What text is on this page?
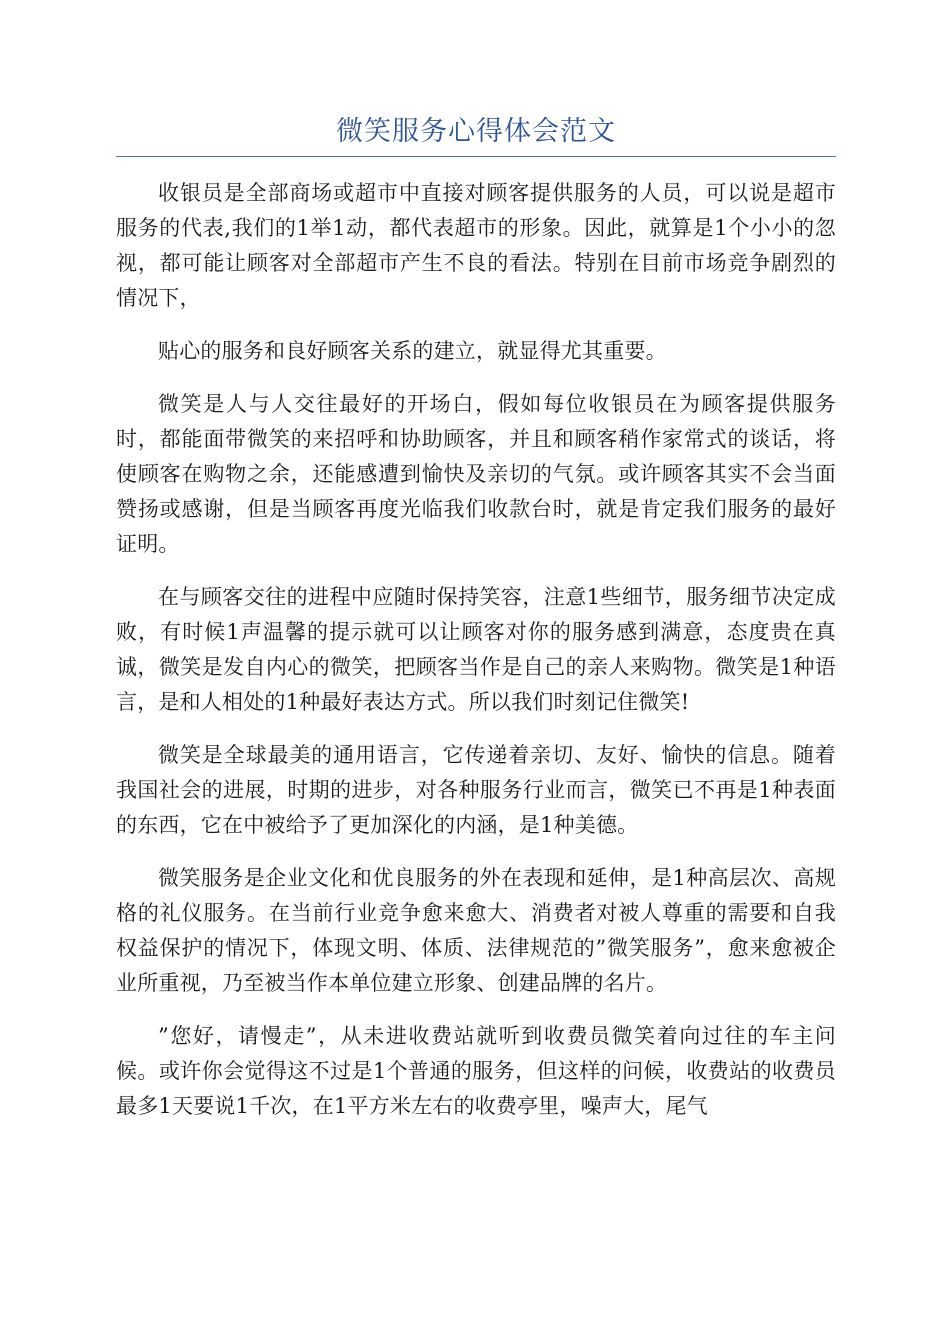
微笑服务心得体会范文

收银员是全部商场或超市中直接对顾客提供服务的人员，可以说是超市服务的代表,我们的1举1动，都代表超市的形象。因此，就算是1个小小的忽视，都可能让顾客对全部超市产生不良的看法。特别在目前市场竞争剧烈的情况下，

贴心的服务和良好顾客关系的建立，就显得尤其重要。

微笑是人与人交往最好的开场白，假如每位收银员在为顾客提供服务时，都能面带微笑的来招呼和协助顾客，并且和顾客稍作家常式的谈话，将使顾客在购物之余，还能感遭到愉快及亲切的气氛。或许顾客其实不会当面赞扬或感谢，但是当顾客再度光临我们收款台时，就是肯定我们服务的最好证明。

在与顾客交往的进程中应随时保持笑容，注意1些细节，服务细节决定成败，有时候1声温馨的提示就可以让顾客对你的服务感到满意，态度贵在真诚，微笑是发自内心的微笑，把顾客当作是自己的亲人来购物。微笑是1种语言，是和人相处的1种最好表达方式。所以我们时刻记住微笑!

微笑是全球最美的通用语言，它传递着亲切、友好、愉快的信息。随着我国社会的进展，时期的进步，对各种服务行业而言，微笑已不再是1种表面的东西，它在中被给予了更加深化的内涵，是1种美德。

微笑服务是企业文化和优良服务的外在表现和延伸，是1种高层次、高规格的礼仪服务。在当前行业竞争愈来愈大、消费者对被人尊重的需要和自我权益保护的情况下，体现文明、体质、法律规范的”微笑服务”，愈来愈被企业所重视，乃至被当作本单位建立形象、创建品牌的名片。

”您好，请慢走”，从未进收费站就听到收费员微笑着向过往的车主问候。或许你会觉得这不过是1个普通的服务，但这样的问候，收费站的收费员最多1天要说1千次，在1平方米左右的收费亭里，噪声大，尾气
